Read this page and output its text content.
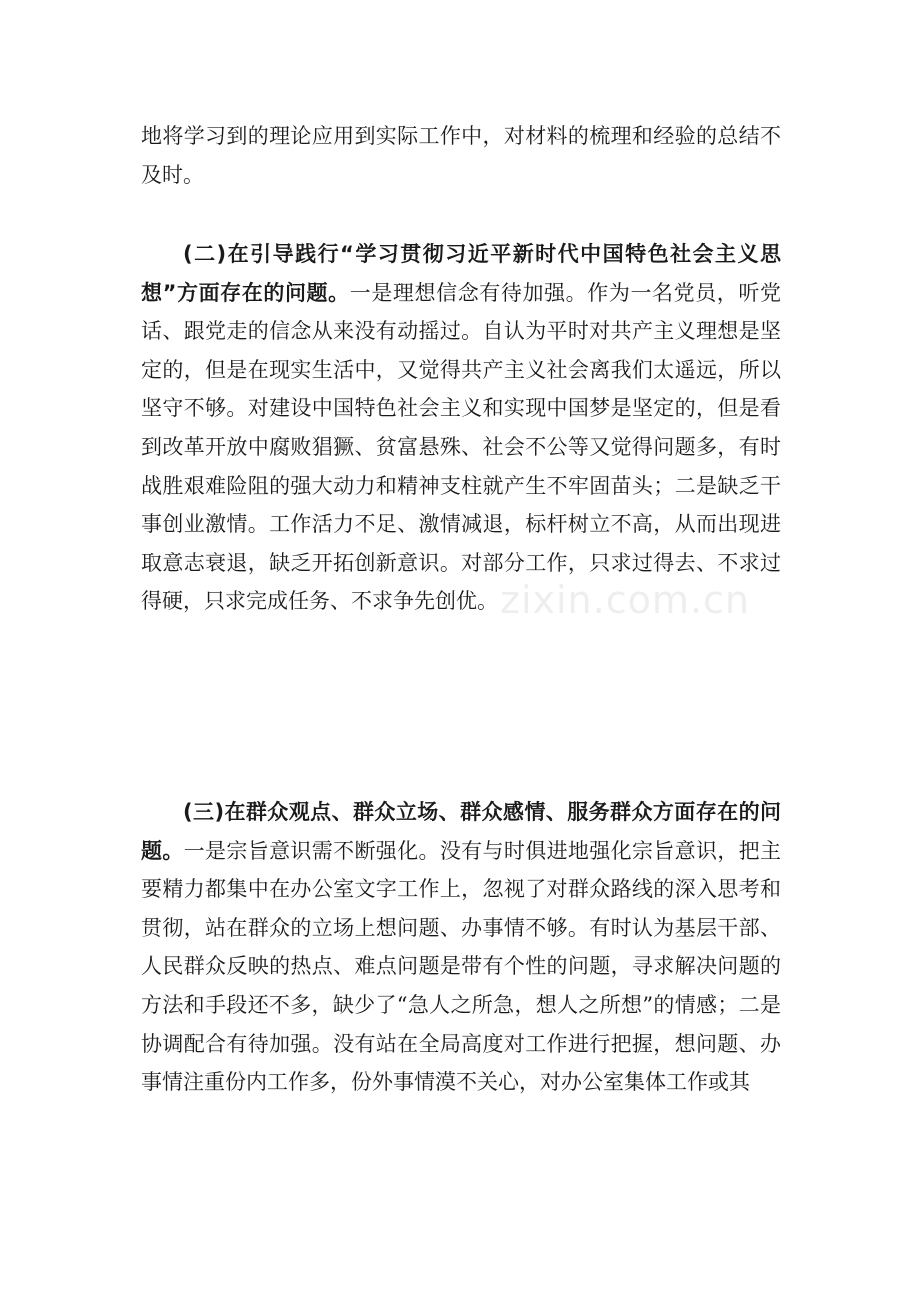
地将学习到的理论应用到实际工作中，对材料的梳理和经验的总结不及时。

(二)在引导践行“学习贯彻习近平新时代中国特色社会主义思想”方面存在的问题。一是理想信念有待加强。作为一名党员，听党话、跟党走的信念从来没有动摇过。自认为平时对共产主义理想是坚定的，但是在现实生活中，又觉得共产主义社会离我们太遥远，所以坚守不够。对建设中国特色社会主义和实现中国梦是坚定的，但是看到改革开放中腐败猖獗、贫富悬殊、社会不公等又觉得问题多，有时战胜艰难险阻的强大动力和精神支柱就产生不牢固苗头；二是缺乏干事创业激情。工作活力不足、激情减退，标杆树立不高，从而出现进取意志衰退，缺乏开拓创新意识。对部分工作，只求过得去、不求过得硬，只求完成任务、不求争先创优。

(三)在群众观点、群众立场、群众感情、服务群众方面存在的问题。一是宗旨意识需不断强化。没有与时俱进地强化宗旨意识，把主要精力都集中在办公室文字工作上，忽视了对群众路线的深入思考和贯彻，站在群众的立场上想问题、办事情不够。有时认为基层干部、人民群众反映的热点、难点问题是带有个性的问题，寻求解决问题的方法和手段还不多，缺少了“急人之所急，想人之所想”的情感；二是协调配合有待加强。没有站在全局高度对工作进行把握，想问题、办事情注重份内工作多，份外事情漠不关心，对办公室集体工作或其

zixin.com.cn
